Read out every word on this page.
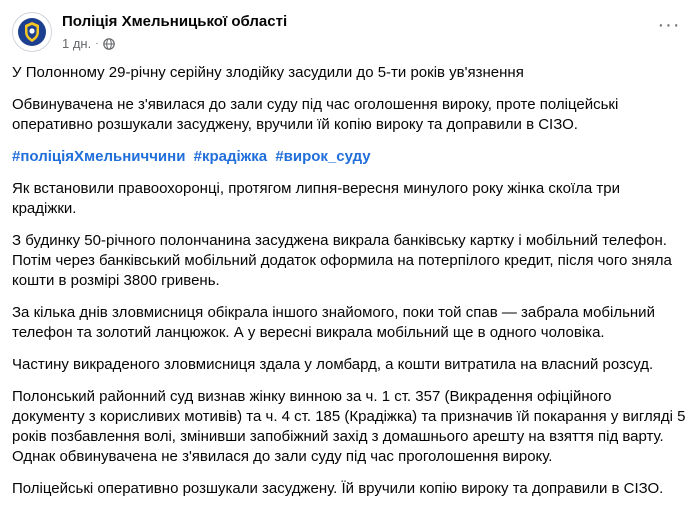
Поліція Хмельницької області
1 дн. ·
···

У Полонному 29-річну серійну злодійку засудили до 5-ти років ув'язнення

Обвинувачена не з'явилася до зали суду під час оголошення вироку, проте поліцейські
оперативно розшукали засуджену, вручили їй копію вироку та доправили в СІЗО.

#поліціяХмельниччини #крадіжка #вирок_суду

Як встановили правоохоронці, протягом липня-вересня минулого року жінка скоїла три
крадіжки.

З будинку 50-річного полончанина засуджена викрала банківську картку і мобільний телефон.
Потім через банківський мобільний додаток оформила на потерпілого кредит, після чого зняла
кошти в розмірі 3800 гривень.

За кілька днів зловмисниця обікрала іншого знайомого, поки той спав — забрала мобільний
телефон та золотий ланцюжок. А у вересні викрала мобільний ще в одного чоловіка.

Частину викраденого зловмисниця здала у ломбард, а кошти витратила на власний розсуд.

Полонський районний суд визнав жінку винною за ч. 1 ст. 357 (Викрадення офіційного
документу з корисливих мотивів) та ч. 4 ст. 185 (Крадіжка) та призначив їй покарання у вигляді 5
років позбавлення волі, змінивши запобіжний захід з домашнього арешту на взяття під варту.
Однак обвинувачена не з'явилася до зали суду під час проголошення вироку.

Поліцейські оперативно розшукали засуджену. Їй вручили копію вироку та доправили в СІЗО.
